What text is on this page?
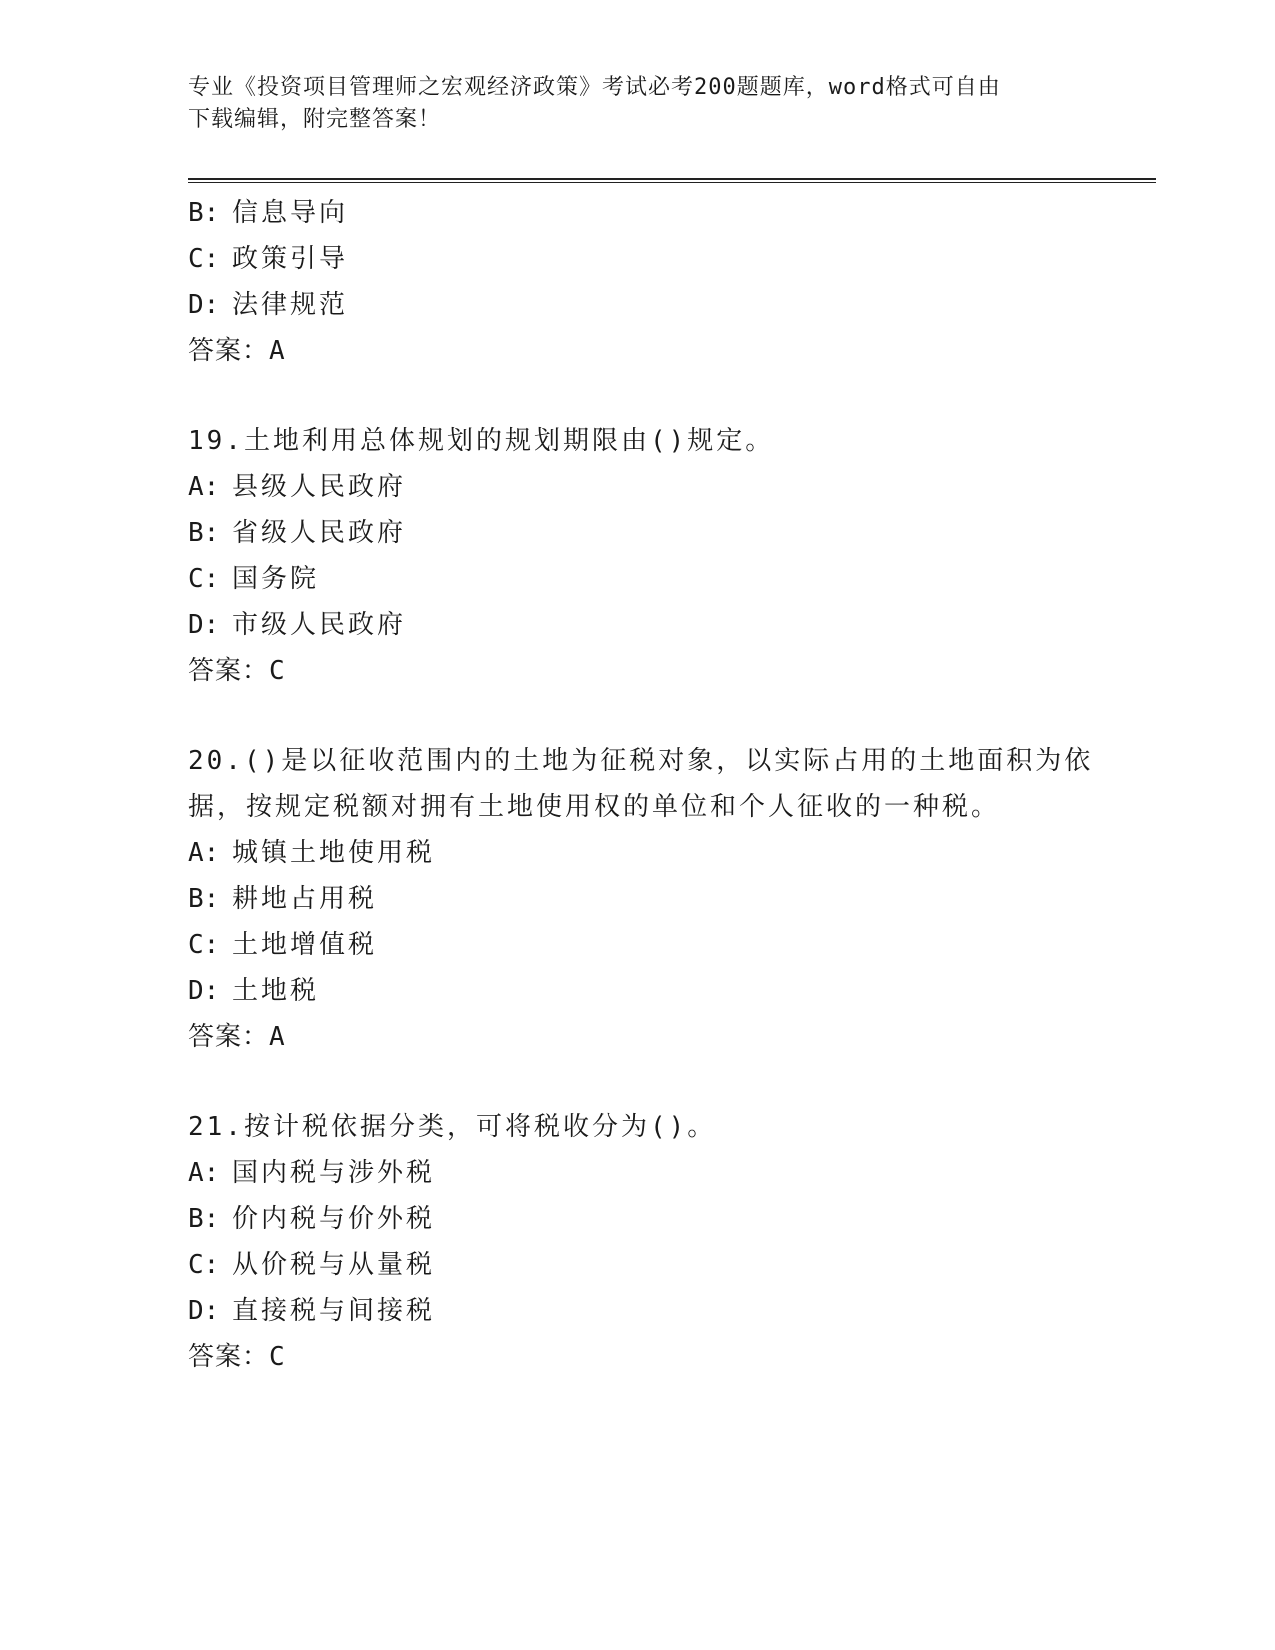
专业《投资项目管理师之宏观经济政策》考试必考200题题库，word格式可自由
下载编辑，附完整答案！
B: 信息导向
C: 政策引导
D: 法律规范
答案：A
19.土地利用总体规划的规划期限由()规定。
A: 县级人民政府
B: 省级人民政府
C: 国务院
D: 市级人民政府
答案：C
20.()是以征收范围内的土地为征税对象，以实际占用的土地面积为依
据，按规定税额对拥有土地使用权的单位和个人征收的一种税。
A: 城镇土地使用税
B: 耕地占用税
C: 土地增值税
D: 土地税
答案：A
21.按计税依据分类，可将税收分为()。
A: 国内税与涉外税
B: 价内税与价外税
C: 从价税与从量税
D: 直接税与间接税
答案：C
